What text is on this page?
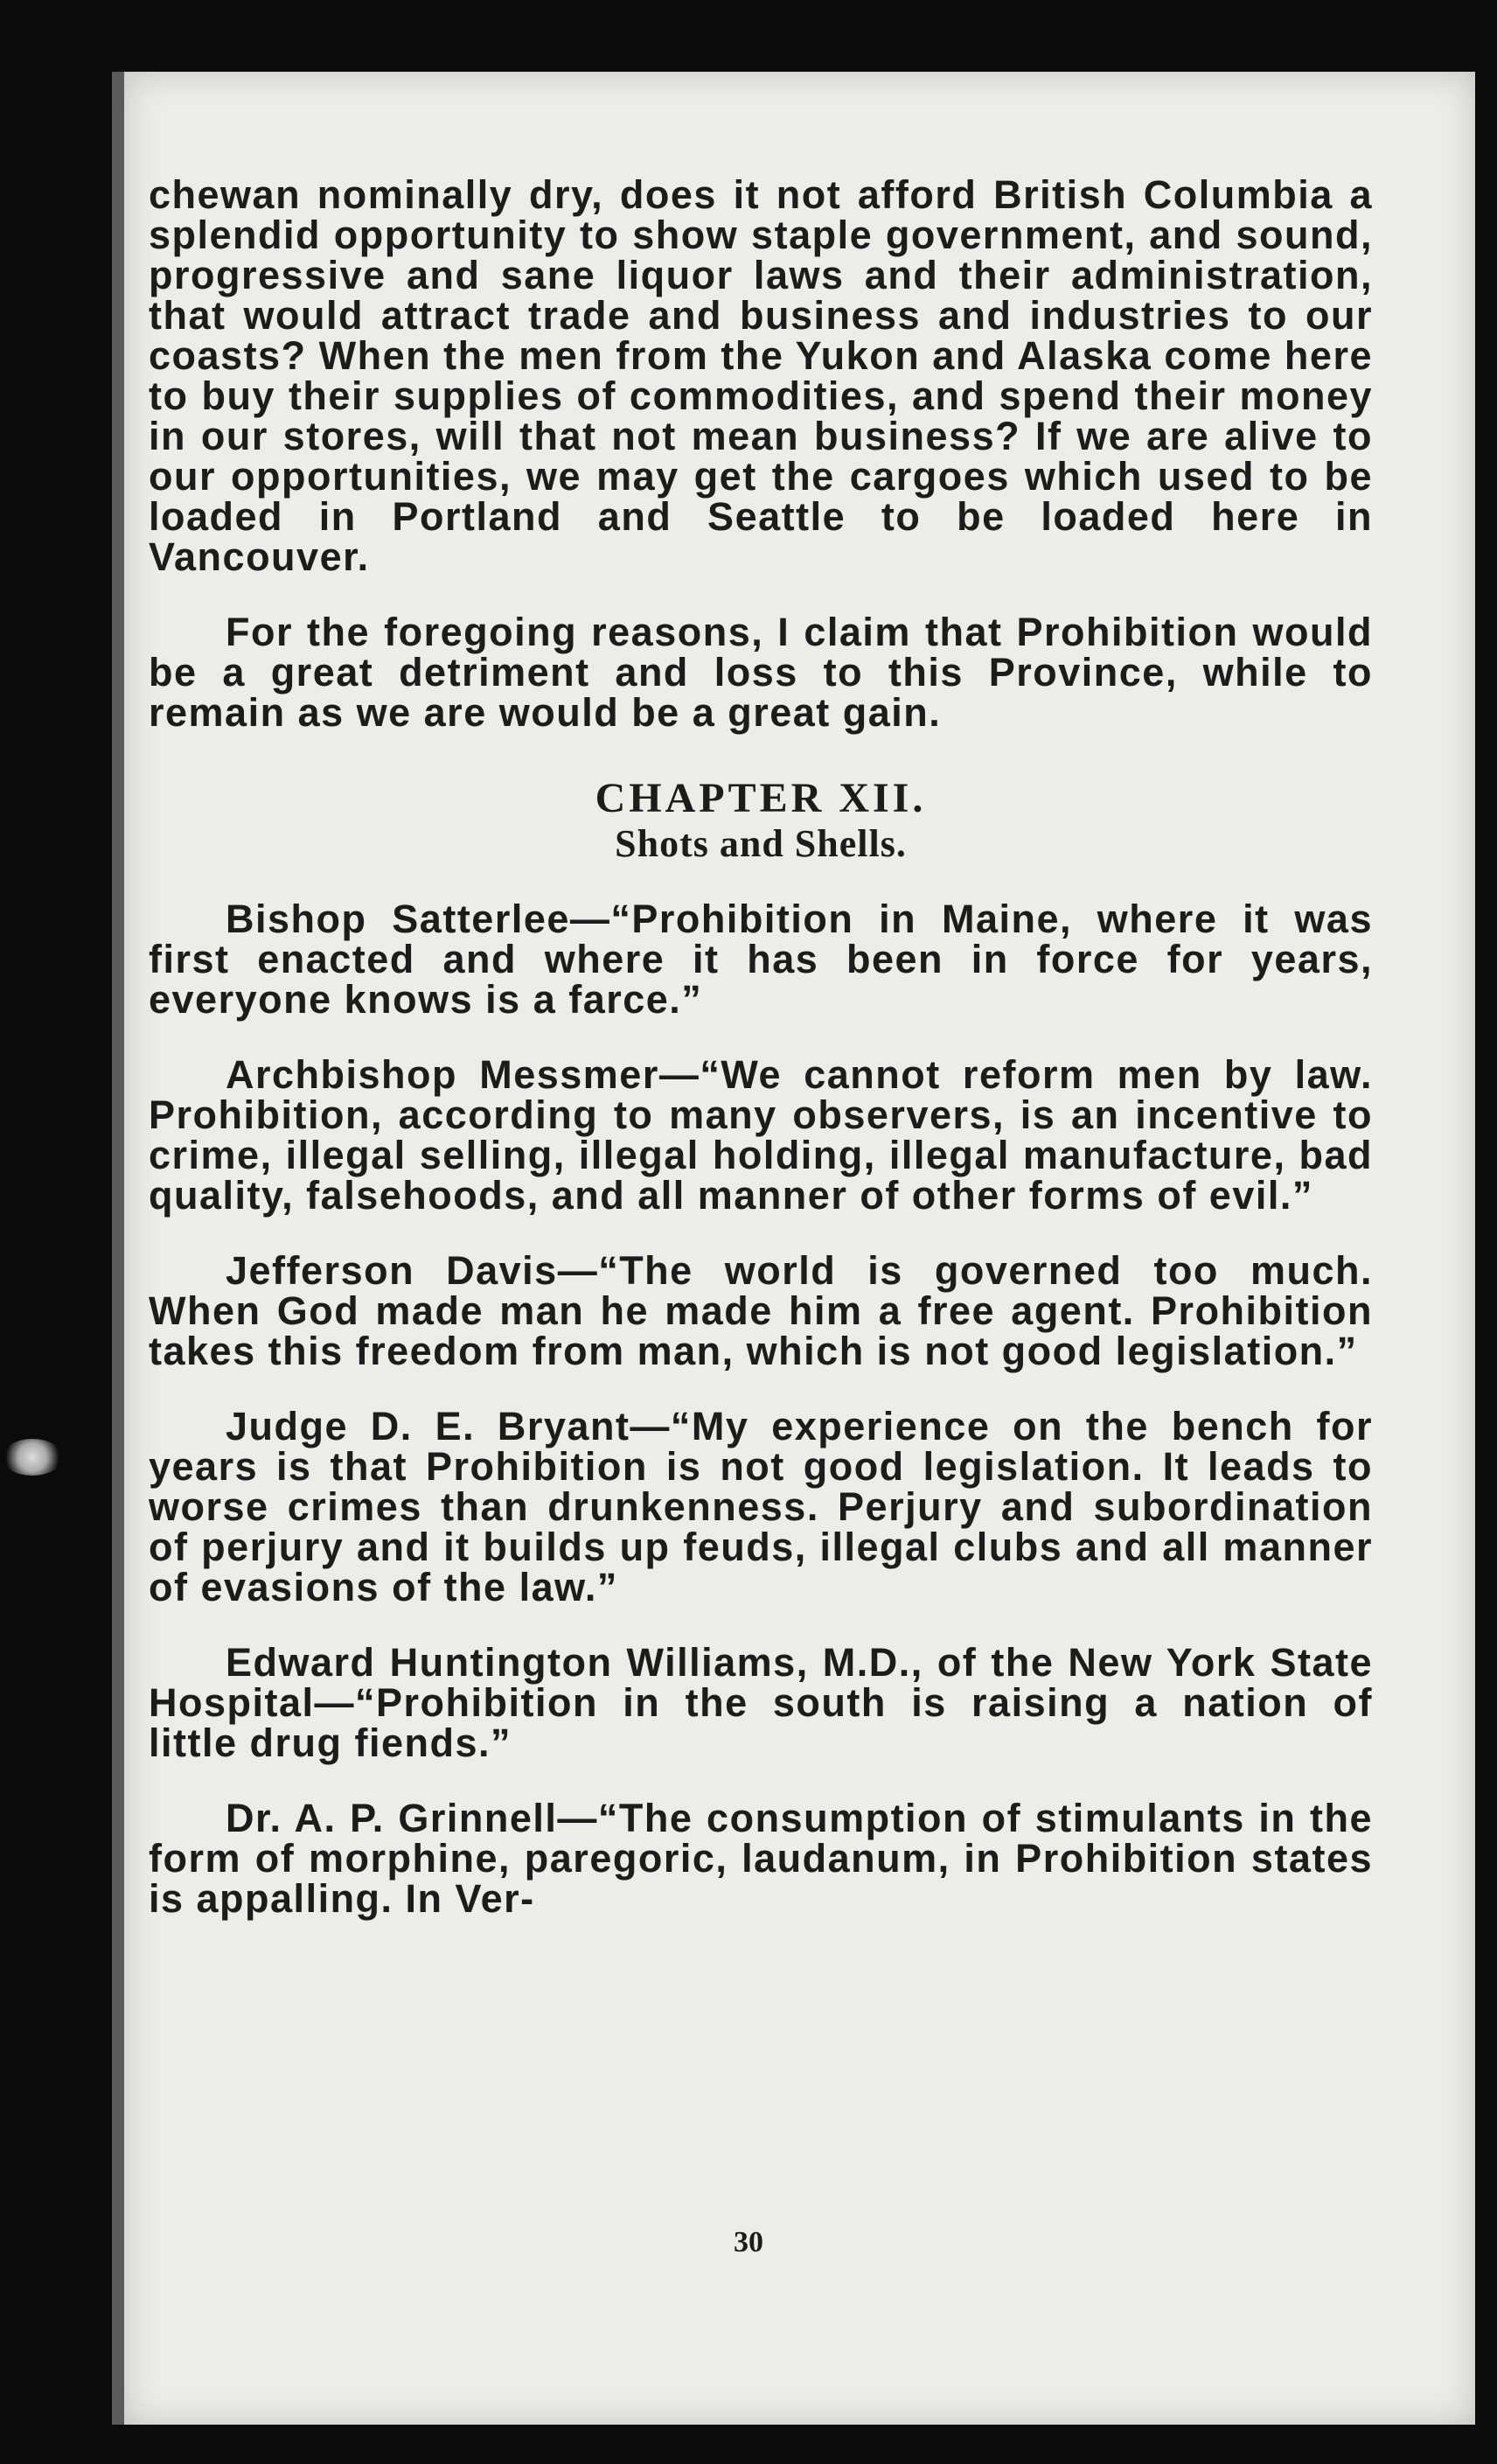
chewan nominally dry, does it not afford British Columbia a splendid opportunity to show staple government, and sound, progressive and sane liquor laws and their administration, that would attract trade and business and industries to our coasts? When the men from the Yukon and Alaska come here to buy their supplies of commodities, and spend their money in our stores, will that not mean business? If we are alive to our opportunities, we may get the cargoes which used to be loaded in Portland and Seattle to be loaded here in Vancouver.

For the foregoing reasons, I claim that Prohibition would be a great detriment and loss to this Province, while to remain as we are would be a great gain.

CHAPTER XII.
Shots and Shells.

Bishop Satterlee—“Prohibition in Maine, where it was first enacted and where it has been in force for years, everyone knows is a farce.”

Archbishop Messmer—“We cannot reform men by law. Prohibition, according to many observers, is an incentive to crime, illegal selling, illegal holding, illegal manufacture, bad quality, falsehoods, and all manner of other forms of evil.”

Jefferson Davis—“The world is governed too much. When God made man he made him a free agent. Prohibition takes this freedom from man, which is not good legislation.”

Judge D. E. Bryant—“My experience on the bench for years is that Prohibition is not good legislation. It leads to worse crimes than drunkenness. Perjury and subordination of perjury and it builds up feuds, illegal clubs and all manner of evasions of the law.”

Edward Huntington Williams, M.D., of the New York State Hospital—“Prohibition in the south is raising a nation of little drug fiends.”

Dr. A. P. Grinnell—“The consumption of stimulants in the form of morphine, paregoric, laudanum, in Prohibition states is appalling. In Ver-

30
